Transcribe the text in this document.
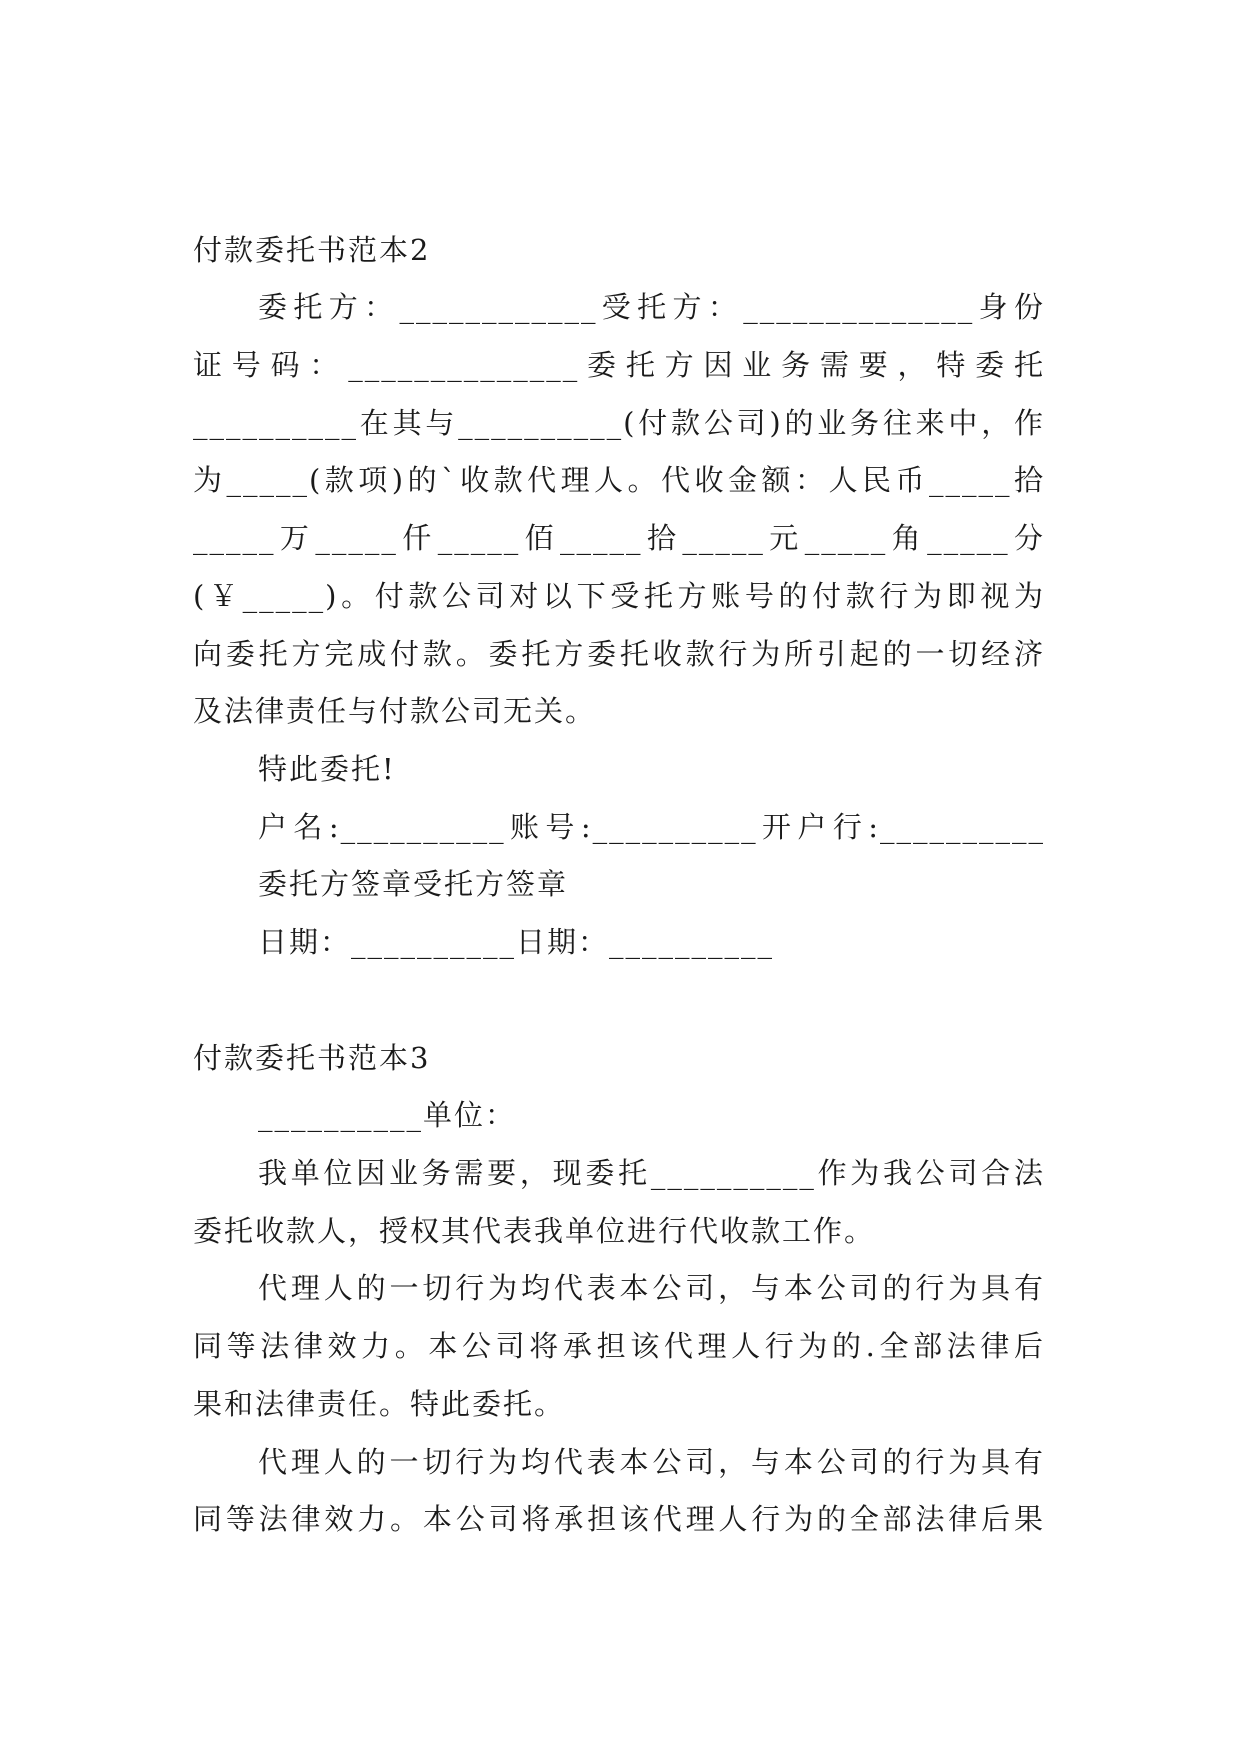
付款委托书范本2
委托方：____________受托方：______________身份
证号码：______________委托方因业务需要，特委托
__________在其与__________(付款公司)的业务往来中，作
为_____(款项)的`收款代理人。代收金额：人民币_____拾
_____万_____仟_____佰_____拾_____元_____角_____分
(￥_____)。付款公司对以下受托方账号的付款行为即视为
向委托方完成付款。委托方委托收款行为所引起的一切经济
及法律责任与付款公司无关。
特此委托!
户名:__________账号:__________开户行:__________
委托方签章受托方签章
日期：__________日期：__________
付款委托书范本3
__________单位：
我单位因业务需要，现委托__________作为我公司合法
委托收款人，授权其代表我单位进行代收款工作。
代理人的一切行为均代表本公司，与本公司的行为具有
同等法律效力。本公司将承担该代理人行为的.全部法律后
果和法律责任。特此委托。
代理人的一切行为均代表本公司，与本公司的行为具有
同等法律效力。本公司将承担该代理人行为的全部法律后果
